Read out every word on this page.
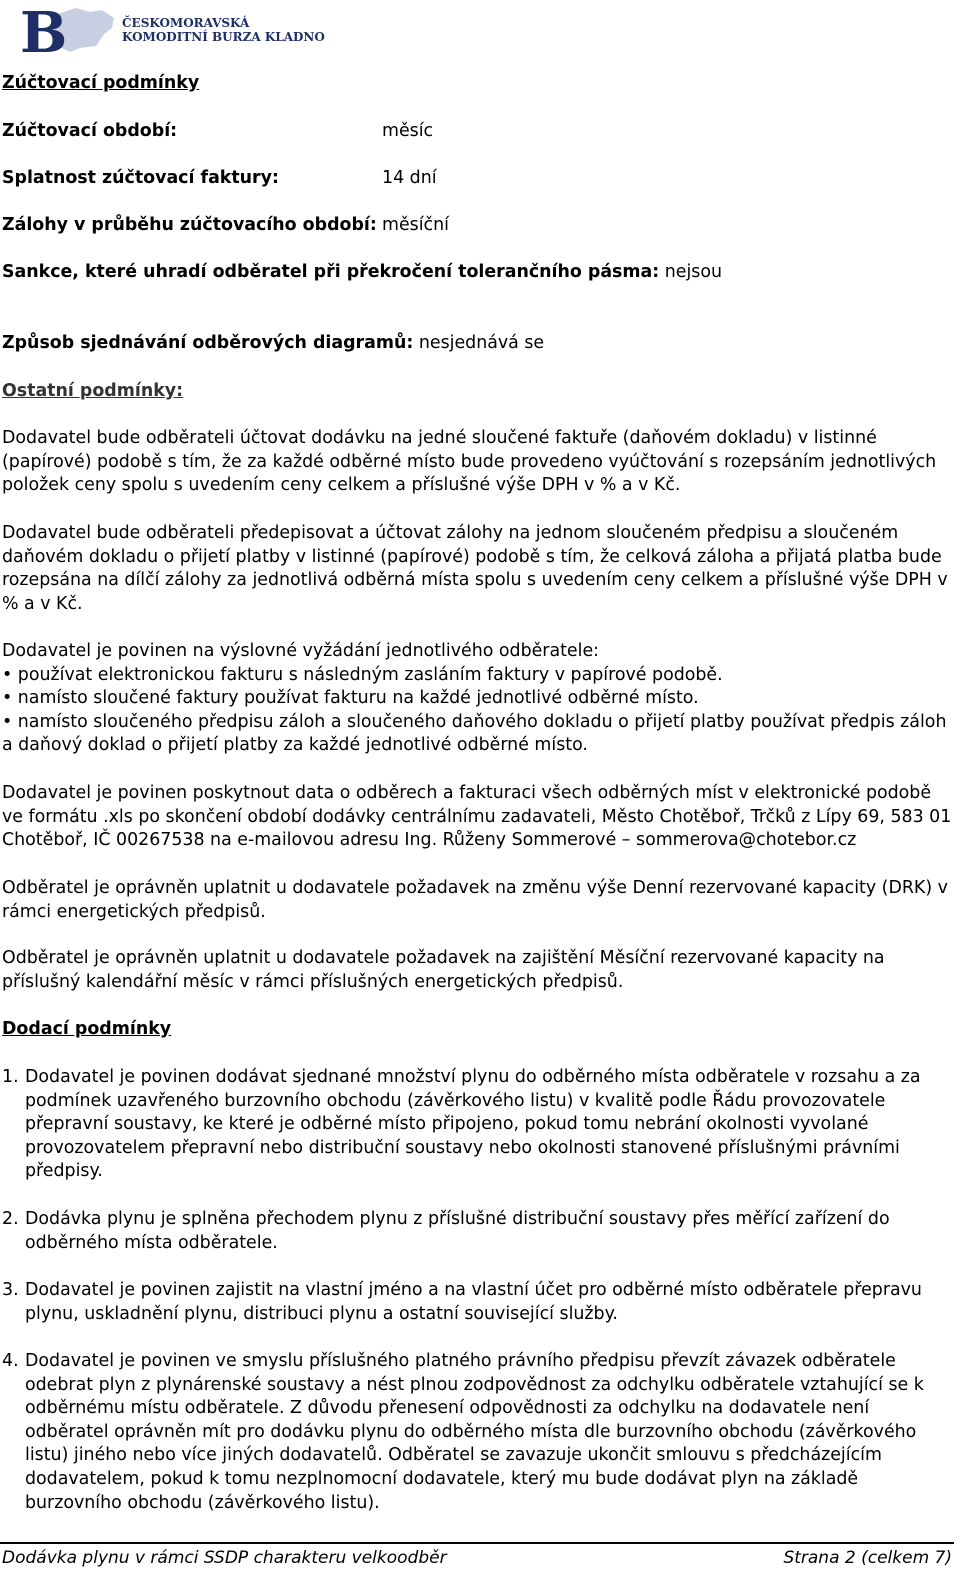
B	ČESKOMORAVSKÁ
KOMODITNÍ BURZA KLADNO
Zúčtovací podmínky
Zúčtovací období:	měsíc
Splatnost zúčtovací faktury:	14 dní
Zálohy v průběhu zúčtovacího období: měsíční
Sankce, které uhradí odběratel při překročení tolerančního pásma: nejsou
Způsob sjednávání odběrových diagramů: nesjednává se
Ostatní podmínky:

Dodavatel bude odběrateli účtovat dodávku na jedné sloučené faktuře (daňovém dokladu) v listinné (papírové) podobě s tím, že za každé odběrné místo bude provedeno vyúčtování s rozepsáním jednotlivých položek ceny spolu s uvedením ceny celkem a příslušné výše DPH v % a v Kč.

Dodavatel bude odběrateli předepisovat a účtovat zálohy na jednom sloučeném předpisu a sloučeném daňovém dokladu o přijetí platby v listinné (papírové) podobě s tím, že celková záloha a přijatá platba bude rozepsána na dílčí zálohy za jednotlivá odběrná místa spolu s uvedením ceny celkem a příslušné výše DPH v % a v Kč.

Dodavatel je povinen na výslovné vyžádání jednotlivého odběratele:
• používat elektronickou fakturu s následným zasláním faktury v papírové podobě.
• namísto sloučené faktury používat fakturu na každé jednotlivé odběrné místo.
• namísto sloučeného předpisu záloh a sloučeného daňového dokladu o přijetí platby používat předpis záloh a daňový doklad o přijetí platby za každé jednotlivé odběrné místo.

Dodavatel je povinen poskytnout data o odběrech a fakturaci všech odběrných míst v elektronické podobě ve formátu .xls po skončení období dodávky centrálnímu zadavateli, Město Chotěboř, Trčků z Lípy 69, 583 01 Chotěboř, IČ 00267538 na e-mailovou adresu Ing. Růženy Sommerové – sommerova@chotebor.cz

Odběratel je oprávněn uplatnit u dodavatele požadavek na změnu výše Denní rezervované kapacity (DRK) v rámci energetických předpisů.

Odběratel je oprávněn uplatnit u dodavatele požadavek na zajištění Měsíční rezervované kapacity na příslušný kalendářní měsíc v rámci příslušných energetických předpisů.

Dodací podmínky
1. Dodavatel je povinen dodávat sjednané množství plynu do odběrného místa odběratele v rozsahu a za podmínek uzavřeného burzovního obchodu (závěrkového listu) v kvalitě podle Řádu provozovatele přepravní soustavy, ke které je odběrné místo připojeno, pokud tomu nebrání okolnosti vyvolané provozovatelem přepravní nebo distribuční soustavy nebo okolnosti stanovené příslušnými právními předpisy.

2. Dodávka plynu je splněna přechodem plynu z příslušné distribuční soustavy přes měřící zařízení do odběrného místa odběratele.

3. Dodavatel je povinen zajistit na vlastní jméno a na vlastní účet pro odběrné místo odběratele přepravu plynu, uskladnění plynu, distribuci plynu a ostatní související služby.

4. Dodavatel je povinen ve smyslu příslušného platného právního předpisu převzít závazek odběratele odebrat plyn z plynárenské soustavy a nést plnou zodpovědnost za odchylku odběratele vztahující se k odběrnému místu odběratele. Z důvodu přenesení odpovědnosti za odchylku na dodavatele není odběratel oprávněn mít pro dodávku plynu do odběrného místa dle burzovního obchodu (závěrkového listu) jiného nebo více jiných dodavatelů. Odběratel se zavazuje ukončit smlouvu s předcházejícím dodavatelem, pokud k tomu nezplnomocní dodavatele, který mu bude dodávat plyn na základě burzovního obchodu (závěrkového listu).

Dodávka plynu v rámci SSDP charakteru velkoodběr	Strana 2 (celkem 7)
